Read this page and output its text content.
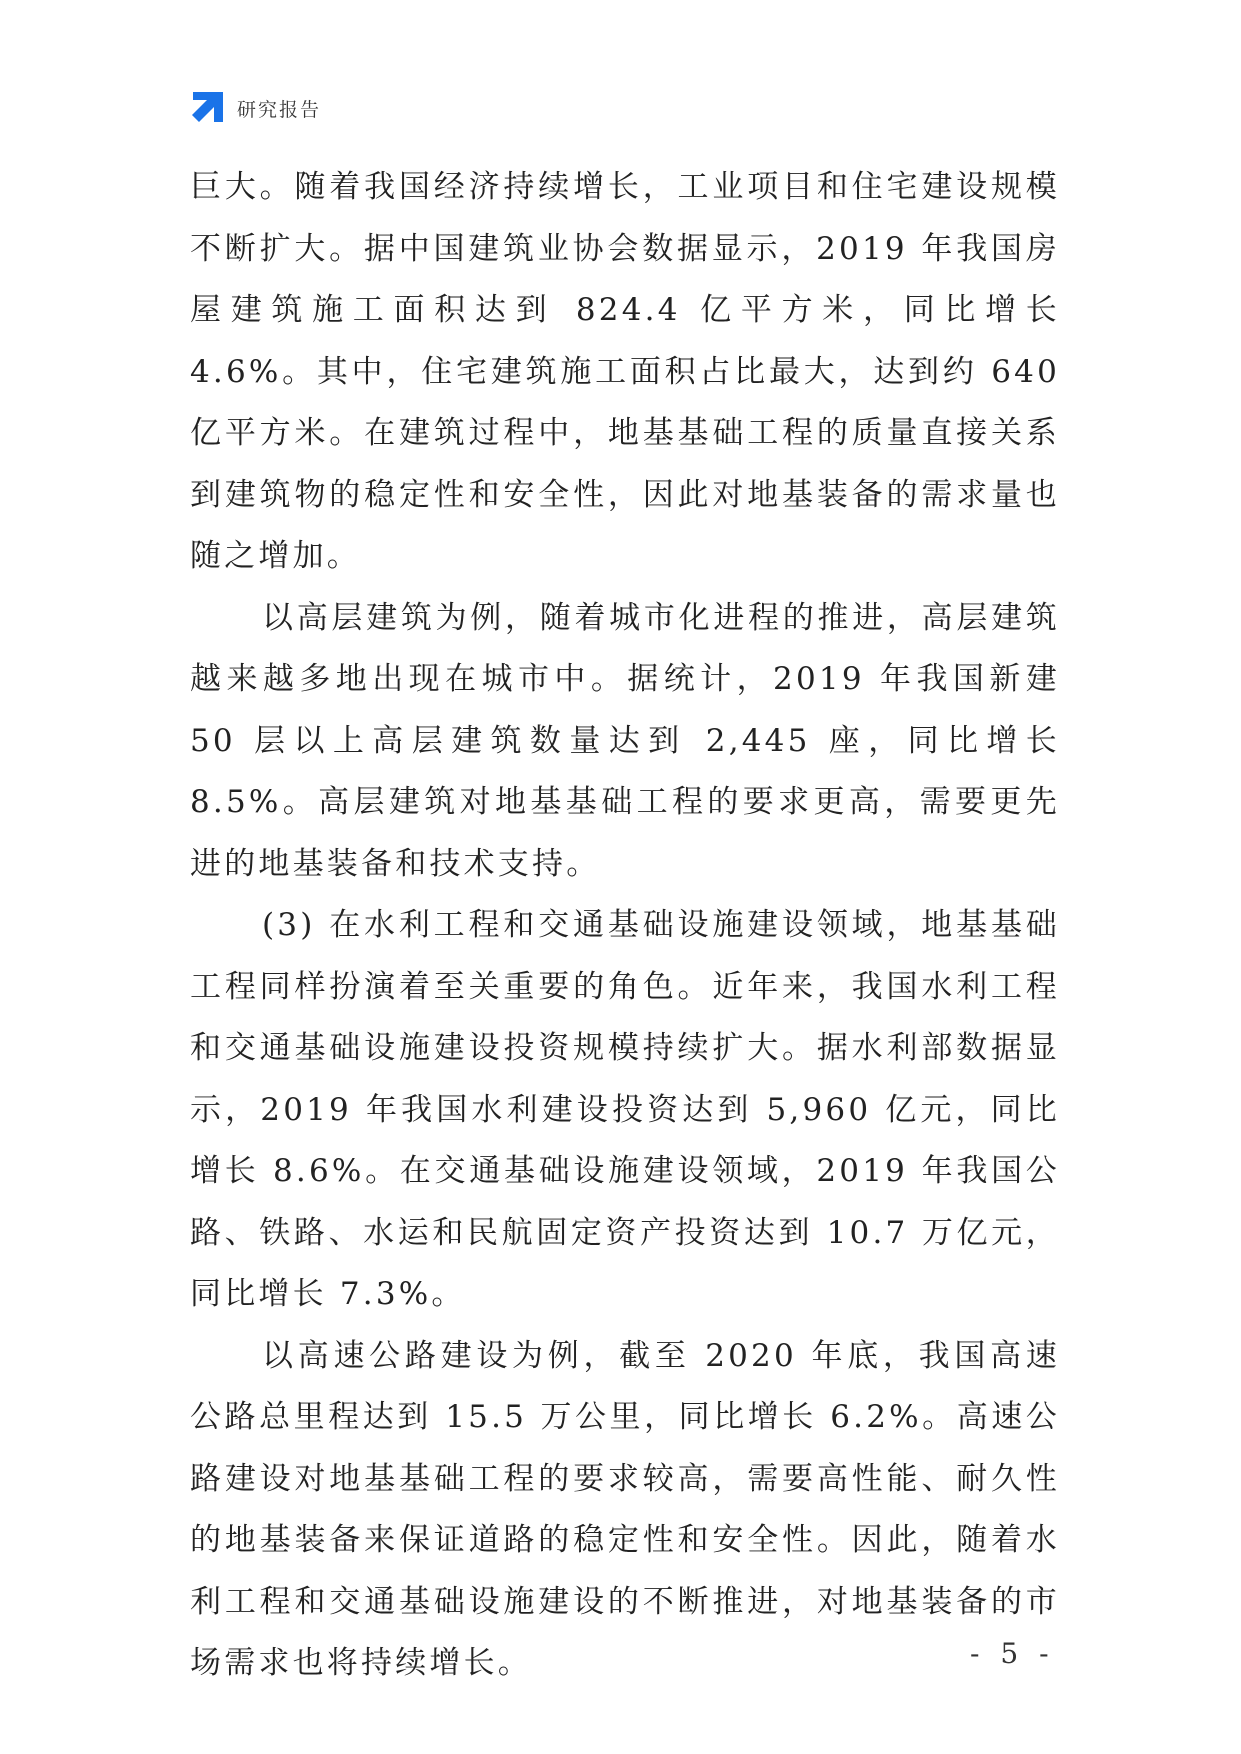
研究报告

巨大。随着我国经济持续增长，工业项目和住宅建设规模不断扩大。据中国建筑业协会数据显示，2019 年我国房屋建筑施工面积达到 824.4 亿平方米，同比增长 4.6%。其中，住宅建筑施工面积占比最大，达到约 640 亿平方米。在建筑过程中，地基基础工程的质量直接关系到建筑物的稳定性和安全性，因此对地基装备的需求量也随之增加。

以高层建筑为例，随着城市化进程的推进，高层建筑越来越多地出现在城市中。据统计，2019 年我国新建 50 层以上高层建筑数量达到 2,445 座，同比增长 8.5%。高层建筑对地基基础工程的要求更高，需要更先进的地基装备和技术支持。

(3) 在水利工程和交通基础设施建设领域，地基基础工程同样扮演着至关重要的角色。近年来，我国水利工程和交通基础设施建设投资规模持续扩大。据水利部数据显示，2019 年我国水利建设投资达到 5,960 亿元，同比增长 8.6%。在交通基础设施建设领域，2019 年我国公路、铁路、水运和民航固定资产投资达到 10.7 万亿元，同比增长 7.3%。

以高速公路建设为例，截至 2020 年底，我国高速公路总里程达到 15.5 万公里，同比增长 6.2%。高速公路建设对地基基础工程的要求较高，需要高性能、耐久性的地基装备来保证道路的稳定性和安全性。因此，随着水利工程和交通基础设施建设的不断推进，对地基装备的市场需求也将持续增长。	- 5 -
